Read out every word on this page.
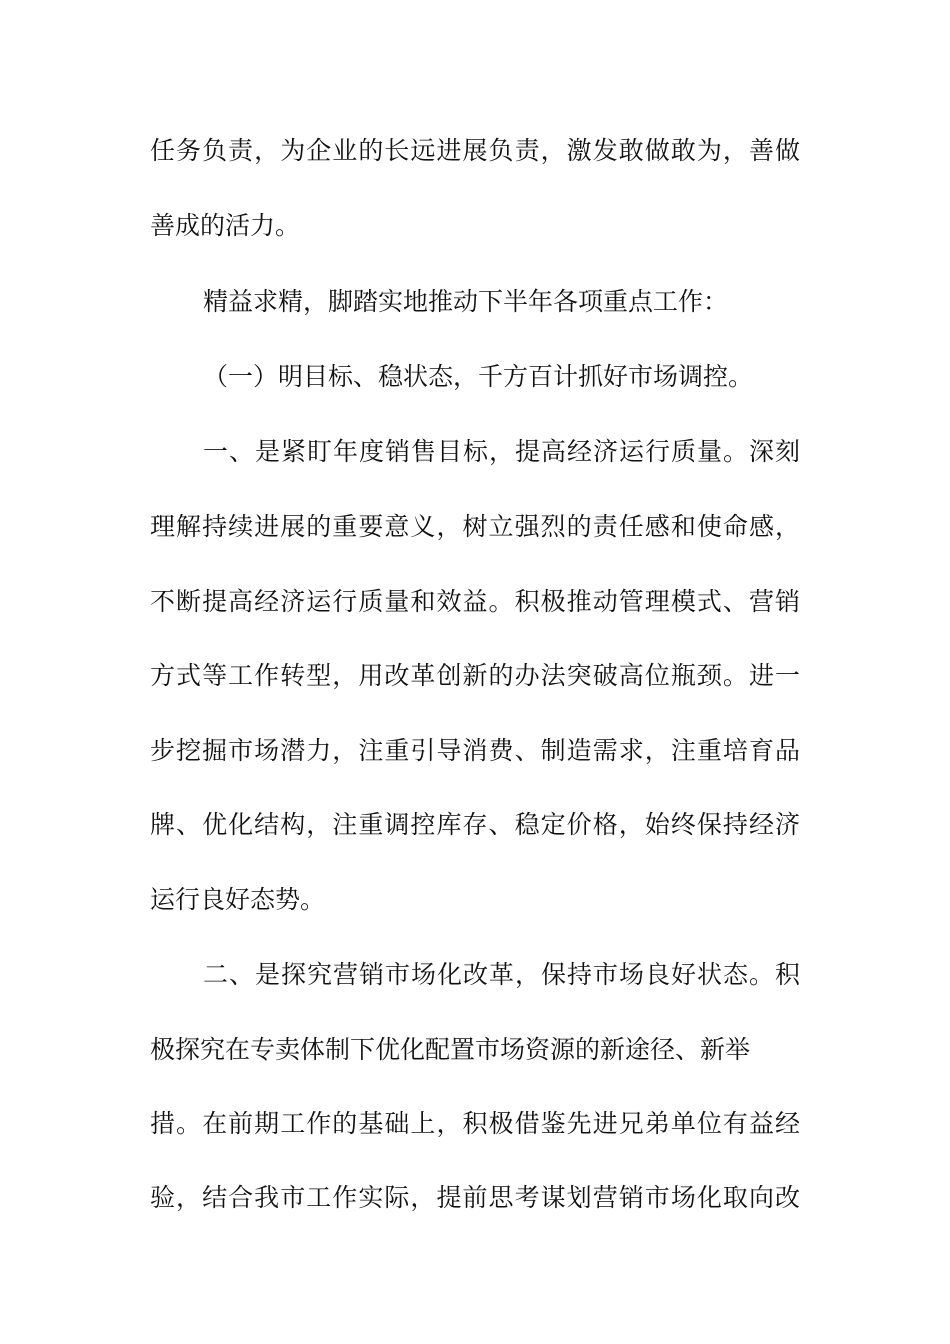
任务负责，为企业的长远进展负责，激发敢做敢为，善做
善成的活力。
精益求精，脚踏实地推动下半年各项重点工作：
（一）明目标、稳状态，千方百计抓好市场调控。
一、是紧盯年度销售目标，提高经济运行质量。深刻
理解持续进展的重要意义，树立强烈的责任感和使命感，
不断提高经济运行质量和效益。积极推动管理模式、营销
方式等工作转型，用改革创新的办法突破高位瓶颈。进一
步挖掘市场潜力，注重引导消费、制造需求，注重培育品
牌、优化结构，注重调控库存、稳定价格，始终保持经济
运行良好态势。
二、是探究营销市场化改革，保持市场良好状态。积
极探究在专卖体制下优化配置市场资源的新途径、新举
措。在前期工作的基础上，积极借鉴先进兄弟单位有益经
验，结合我市工作实际，提前思考谋划营销市场化取向改
